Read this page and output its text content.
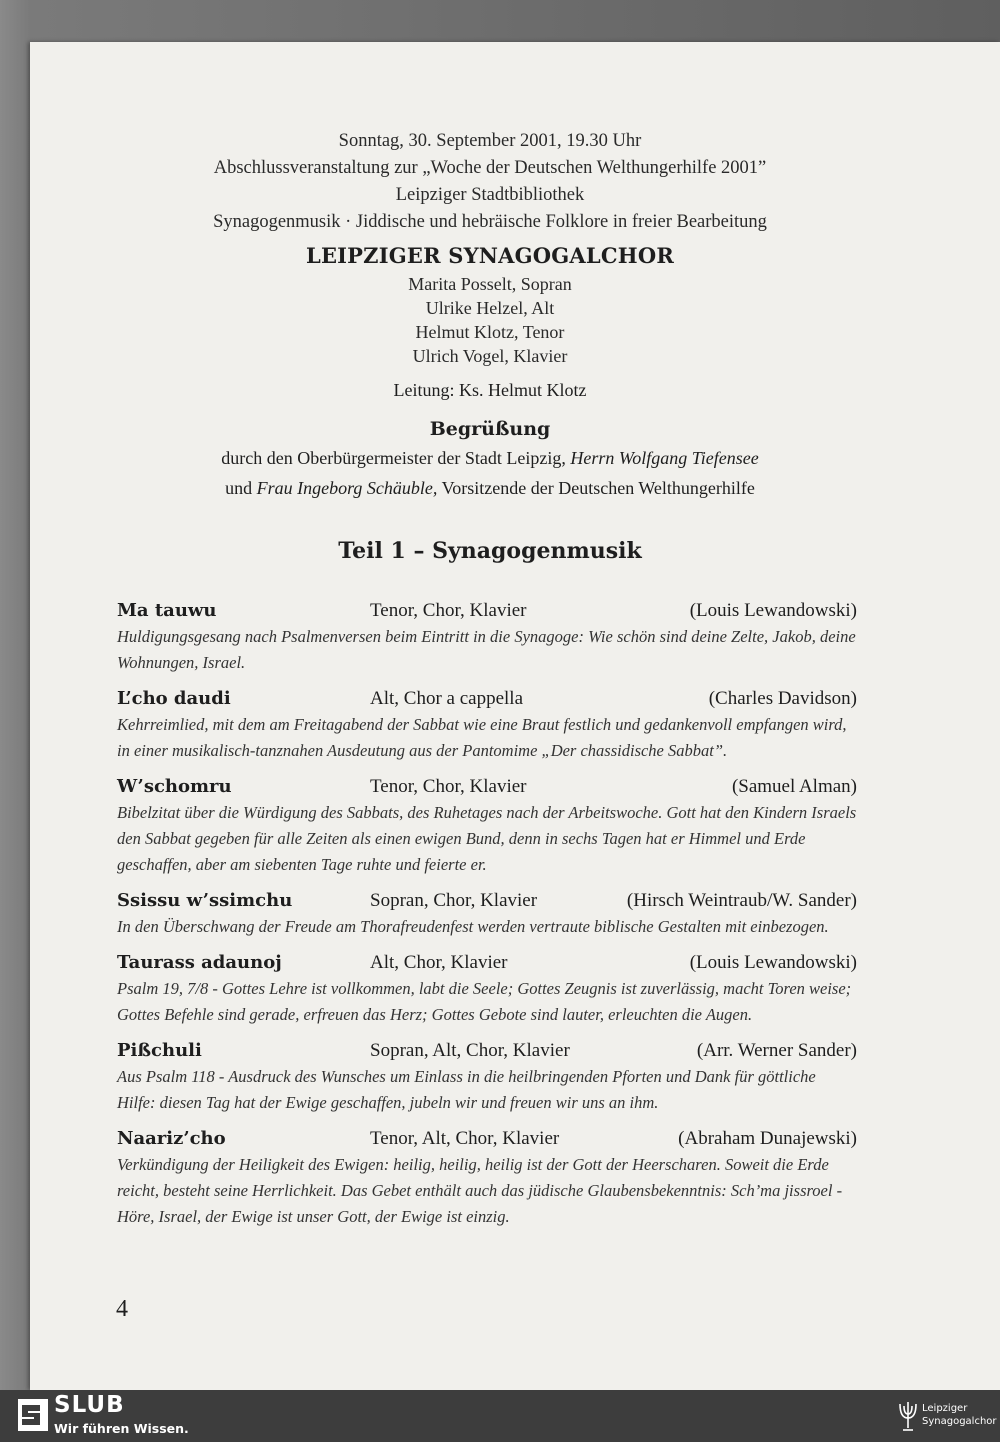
Sonntag, 30. September 2001, 19.30 Uhr
Abschlussveranstaltung zur „Woche der Deutschen Welthungerhilfe 2001”
Leipziger Stadtbibliothek
Synagogenmusik · Jiddische und hebräische Folklore in freier Bearbeitung
LEIPZIGER SYNAGOGALCHOR
Marita Posselt, Sopran
Ulrike Helzel, Alt
Helmut Klotz, Tenor
Ulrich Vogel, Klavier
Leitung: Ks. Helmut Klotz
Begrüßung
durch den Oberbürgermeister der Stadt Leipzig, Herrn Wolfgang Tiefensee
und Frau Ingeborg Schäuble, Vorsitzende der Deutschen Welthungerhilfe
Teil 1 – Synagogenmusik
Ma tauwu	Tenor, Chor, Klavier	(Louis Lewandowski)
Huldigungsgesang nach Psalmenversen beim Eintritt in die Synagoge: Wie schön sind deine Zelte, Jakob, deine Wohnungen, Israel.
L’cho daudi	Alt, Chor a cappella	(Charles Davidson)
Kehrreimlied, mit dem am Freitagabend der Sabbat wie eine Braut festlich und gedankenvoll empfangen wird, in einer musikalisch-tanznahen Ausdeutung aus der Pantomime „Der chassidische Sabbat”.
W’schomru	Tenor, Chor, Klavier	(Samuel Alman)
Bibelzitat über die Würdigung des Sabbats, des Ruhetages nach der Arbeitswoche. Gott hat den Kindern Israels den Sabbat gegeben für alle Zeiten als einen ewigen Bund, denn in sechs Tagen hat er Himmel und Erde geschaffen, aber am siebenten Tage ruhte und feierte er.
Ssissu w’ssimchu	Sopran, Chor, Klavier	(Hirsch Weintraub/W. Sander)
In den Überschwang der Freude am Thorafreudenfest werden vertraute biblische Gestalten mit einbezogen.
Taurass adaunoj	Alt, Chor, Klavier	(Louis Lewandowski)
Psalm 19, 7/8 - Gottes Lehre ist vollkommen, labt die Seele; Gottes Zeugnis ist zuverlässig, macht Toren weise; Gottes Befehle sind gerade, erfreuen das Herz; Gottes Gebote sind lauter, erleuchten die Augen.
Pißchuli	Sopran, Alt, Chor, Klavier	(Arr. Werner Sander)
Aus Psalm 118 - Ausdruck des Wunsches um Einlass in die heilbringenden Pforten und Dank für göttliche Hilfe: diesen Tag hat der Ewige geschaffen, jubeln wir und freuen wir uns an ihm.
Naariz’cho	Tenor, Alt, Chor, Klavier	(Abraham Dunajewski)
Verkündigung der Heiligkeit des Ewigen: heilig, heilig, heilig ist der Gott der Heerscharen. Soweit die Erde reicht, besteht seine Herrlichkeit. Das Gebet enthält auch das jüdische Glaubensbekenntnis: Sch’ma jissroel - Höre, Israel, der Ewige ist unser Gott, der Ewige ist einzig.
4
SLUB
Wir führen Wissen.
Leipziger
Synagogalchor
